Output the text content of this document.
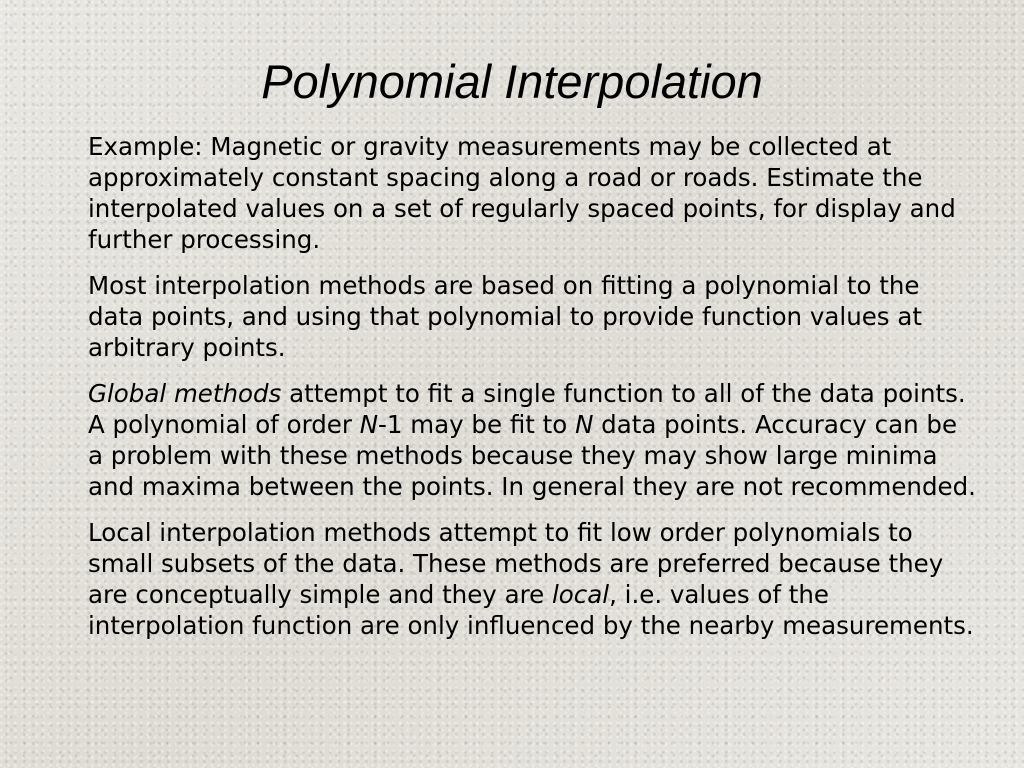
Polynomial Interpolation

Example: Magnetic or gravity measurements may be collected at approximately constant spacing along a road or roads. Estimate the interpolated values on a set of regularly spaced points, for display and further processing.

Most interpolation methods are based on fitting a polynomial to the data points, and using that polynomial to provide function values at arbitrary points.

Global methods attempt to fit a single function to all of the data points. A polynomial of order N-1 may be fit to N data points. Accuracy can be a problem with these methods because they may show large minima and maxima between the points. In general they are not recommended.

Local interpolation methods attempt to fit low order polynomials to small subsets of the data. These methods are preferred because they are conceptually simple and they are local, i.e. values of the interpolation function are only influenced by the nearby measurements.
